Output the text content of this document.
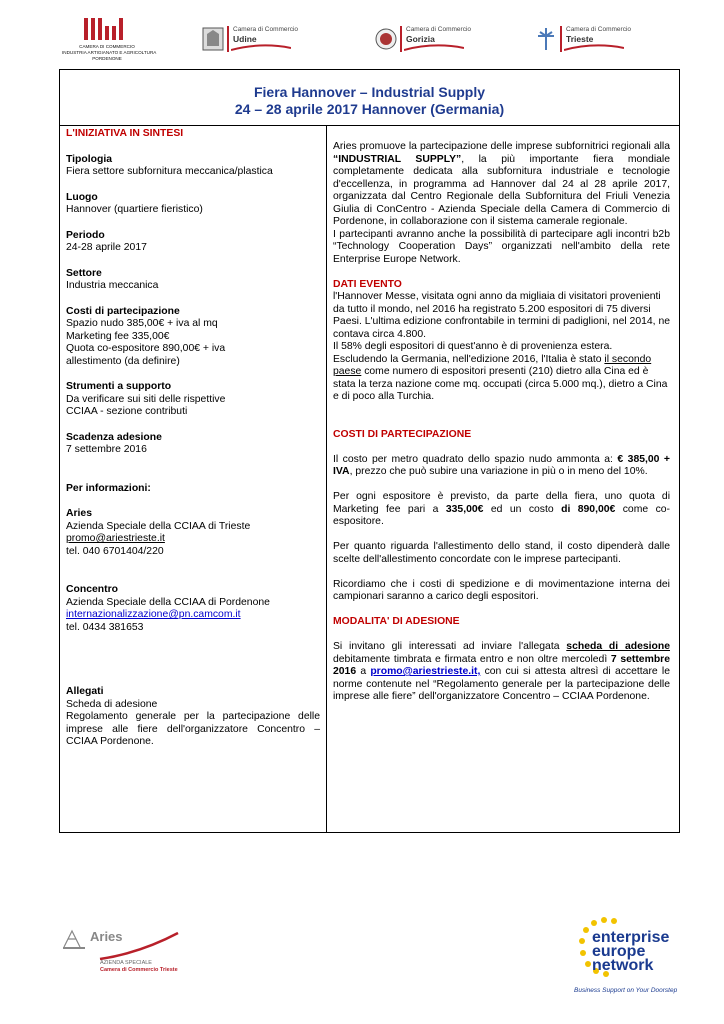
CAMERA DI COMMERCIO
INDUSTRIA ARTIGIANATO E AGRICOLTURA
PORDENONE
Camera di Commercio
Udine
Camera di Commercio
Gorizia
Camera di Commercio
Trieste
Fiera Hannover – Industrial Supply
24 – 28 aprile 2017 Hannover (Germania)
L'INIZIATIVA IN SINTESI
Tipologia
Fiera settore subfornitura meccanica/plastica
Luogo
Hannover (quartiere fieristico)
Periodo
24-28 aprile 2017
Settore
Industria meccanica
Costi di partecipazione
Spazio nudo 385,00€ + iva al mq
Marketing fee 335,00€
Quota co-espositore 890,00€ + iva
allestimento (da definire)
Strumenti a supporto
Da verificare sui siti delle rispettive
CCIAA - sezione contributi
Scadenza adesione
7 settembre 2016
Per informazioni:
Aries
Azienda Speciale della CCIAA di Trieste
promo@ariestrieste.it
tel. 040 6701404/220
Concentro
Azienda Speciale della CCIAA di Pordenone
internazionalizzazione@pn.camcom.it
tel. 0434 381653
Allegati
Scheda di adesione
Regolamento generale per la partecipazione delle imprese alle fiere dell'organizzatore Concentro – CCIAA Pordenone.

Aries promuove la partecipazione delle imprese subfornitrici regionali alla “INDUSTRIAL SUPPLY”, la più importante fiera mondiale completamente dedicata alla subfornitura industriale e tecnologie d'eccellenza, in programma ad Hannover dal 24 al 28 aprile 2017, organizzata dal Centro Regionale della Subfornitura del Friuli Venezia Giulia di ConCentro - Azienda Speciale della Camera di Commercio di Pordenone, in collaborazione con il sistema camerale regionale.

I partecipanti avranno anche la possibilità di partecipare agli incontri b2b “Technology Cooperation Days” organizzati nell'ambito della rete Enterprise Europe Network.

DATI EVENTO

l'Hannover Messe, visitata ogni anno da migliaia di visitatori provenienti da tutto il mondo, nel 2016 ha registrato 5.200 espositori di 75 diversi Paesi. L'ultima edizione confrontabile in termini di padiglioni, nel 2014, ne contava circa 4.800.

Il 58% degli espositori di quest'anno è di provenienza estera.

Escludendo la Germania, nell'edizione 2016, l'Italia è stato il secondo paese come numero di espositori presenti (210) dietro alla Cina ed è stata la terza nazione come mq. occupati (circa 5.000 mq.), dietro a Cina e di poco alla Turchia.

COSTI DI PARTECIPAZIONE

Il costo per metro quadrato dello spazio nudo ammonta a: € 385,00 + IVA, prezzo che può subire una variazione in più o in meno del 10%.

Per ogni espositore è previsto, da parte della fiera, uno quota di Marketing fee pari a 335,00€ ed un costo di 890,00€ come co-espositore.

Per quanto riguarda l'allestimento dello stand, il costo dipenderà dalle scelte dell'allestimento concordate con le imprese partecipanti.

Ricordiamo che i costi di spedizione e di movimentazione interna dei campionari saranno a carico degli espositori.

MODALITA' DI ADESIONE

Si invitano gli interessati ad inviare l'allegata scheda di adesione debitamente timbrata e firmata entro e non oltre mercoledì 7 settembre 2016 a promo@ariestrieste.it, con cui si attesta altresì di accettare le norme contenute nel “Regolamento generale per la partecipazione delle imprese alle fiere” dell'organizzatore Concentro – CCIAA Pordenone.

Aries
AZIENDA SPECIALE
Camera di Commercio Trieste
enterprise
europe
network
Business Support on Your Doorstep
